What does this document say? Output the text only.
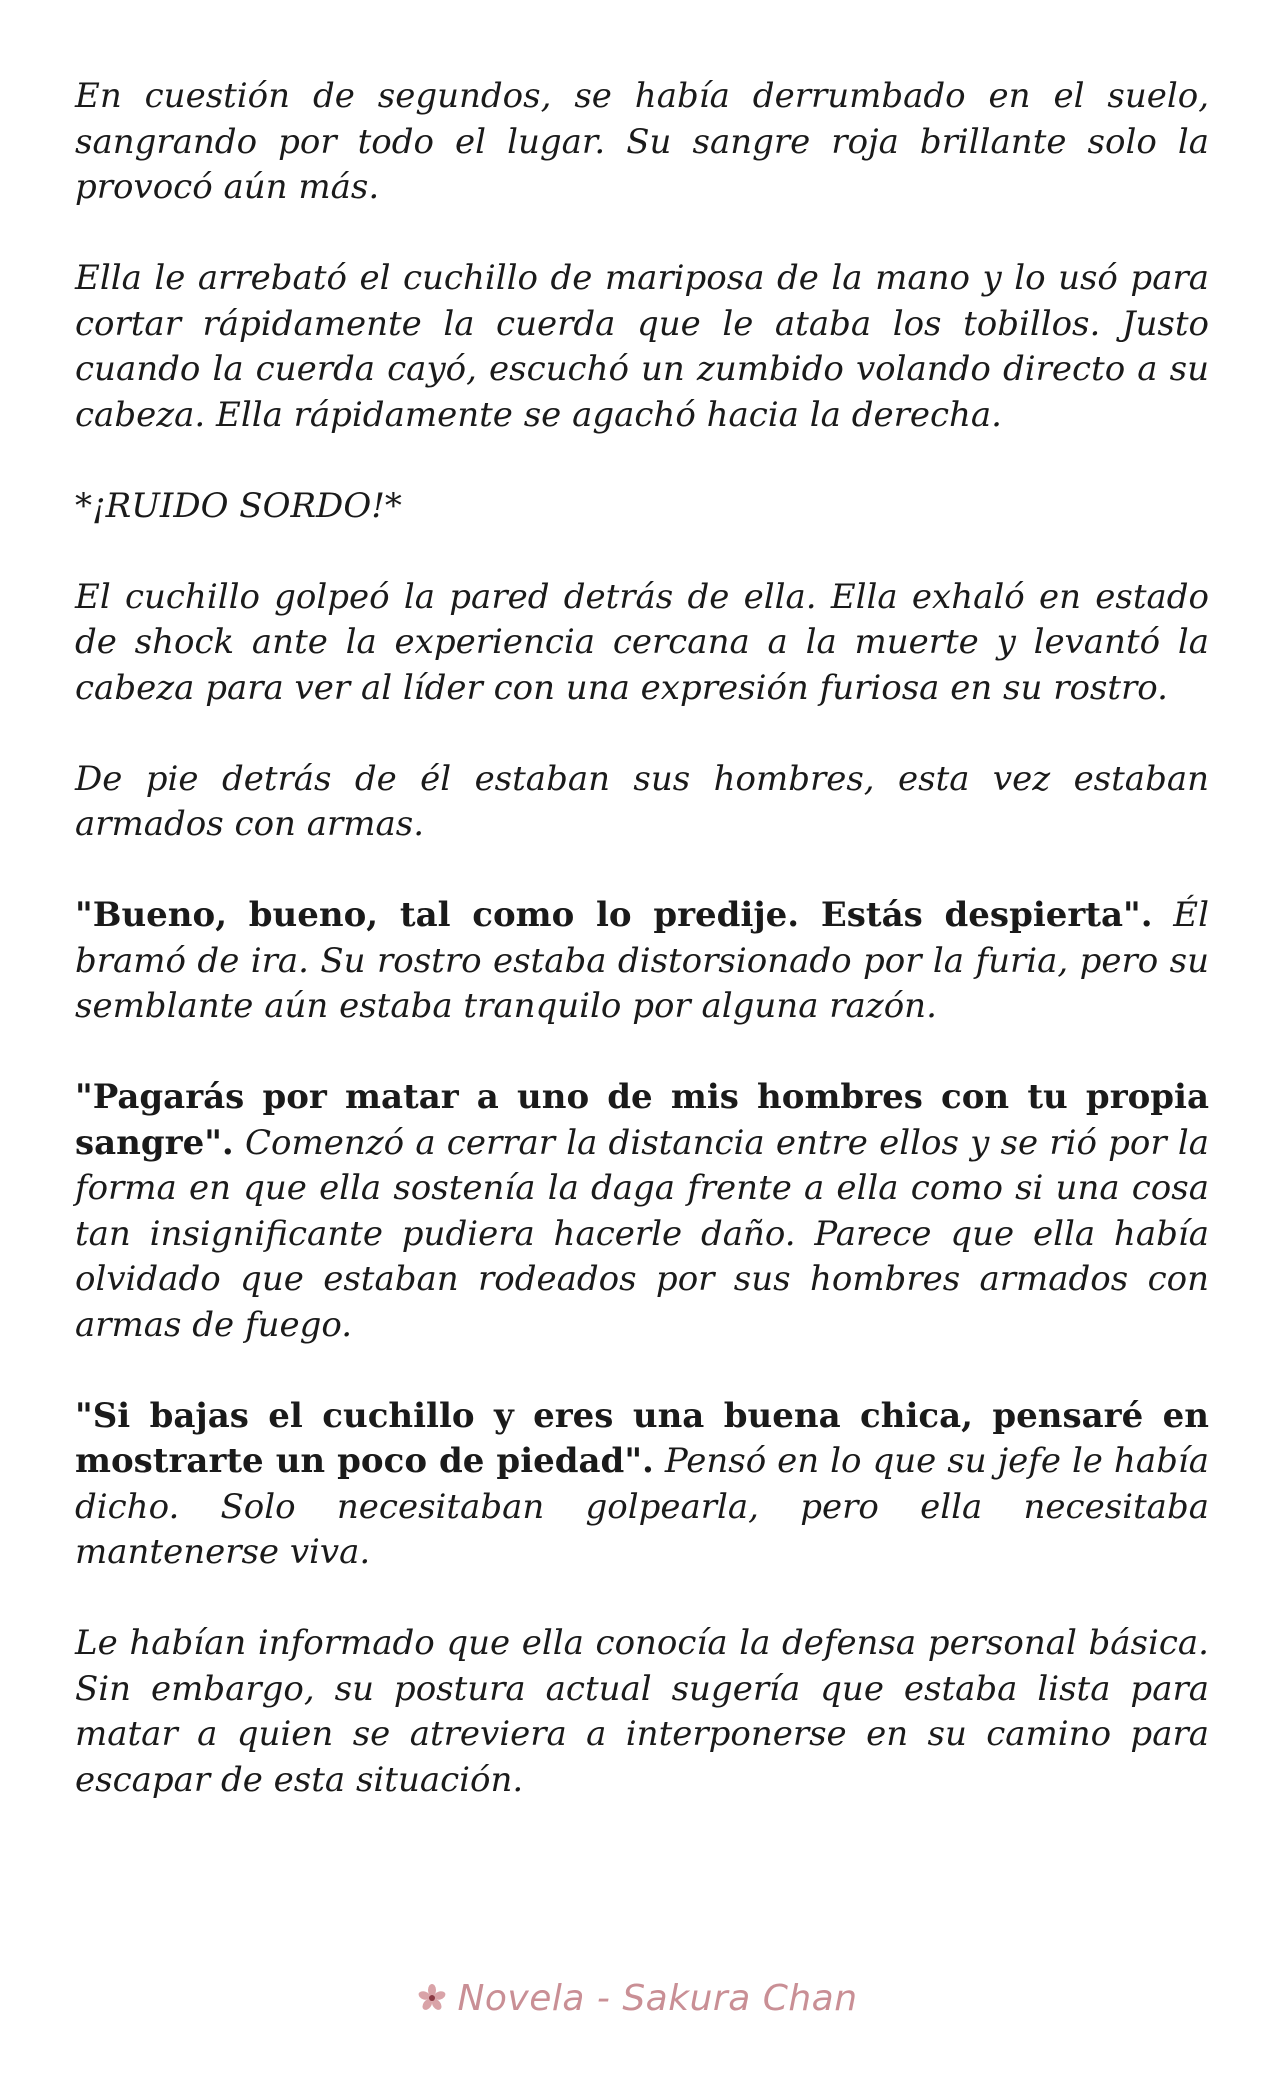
En cuestión de segundos, se había derrumbado en el suelo, sangrando por todo el lugar. Su sangre roja brillante solo la provocó aún más.

Ella le arrebató el cuchillo de mariposa de la mano y lo usó para cortar rápidamente la cuerda que le ataba los tobillos. Justo cuando la cuerda cayó, escuchó un zumbido volando directo a su cabeza. Ella rápidamente se agachó hacia la derecha.

*¡RUIDO SORDO!*

El cuchillo golpeó la pared detrás de ella. Ella exhaló en estado de shock ante la experiencia cercana a la muerte y levantó la cabeza para ver al líder con una expresión furiosa en su rostro.

De pie detrás de él estaban sus hombres, esta vez estaban armados con armas.

"Bueno, bueno, tal como lo predije. Estás despierta". Él bramó de ira. Su rostro estaba distorsionado por la furia, pero su semblante aún estaba tranquilo por alguna razón.

"Pagarás por matar a uno de mis hombres con tu propia sangre". Comenzó a cerrar la distancia entre ellos y se rió por la forma en que ella sostenía la daga frente a ella como si una cosa tan insignificante pudiera hacerle daño. Parece que ella había olvidado que estaban rodeados por sus hombres armados con armas de fuego.

"Si bajas el cuchillo y eres una buena chica, pensaré en mostrarte un poco de piedad". Pensó en lo que su jefe le había dicho. Solo necesitaban golpearla, pero ella necesitaba mantenerse viva.

Le habían informado que ella conocía la defensa personal básica. Sin embargo, su postura actual sugería que estaba lista para matar a quien se atreviera a interponerse en su camino para escapar de esta situación.

Novela - Sakura Chan
